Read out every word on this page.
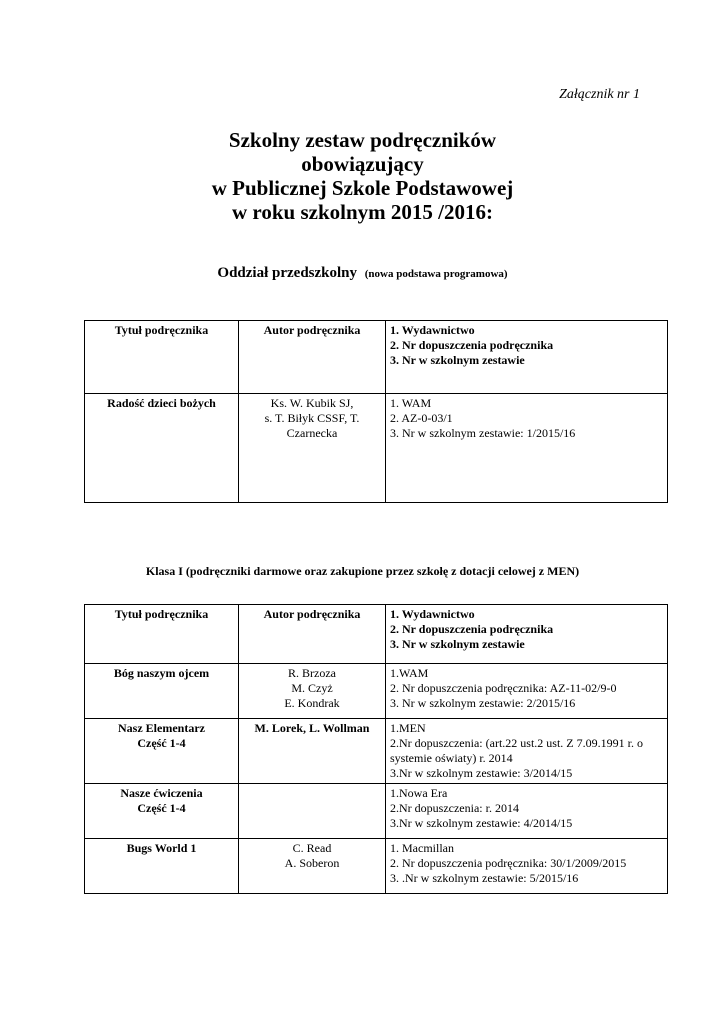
Załącznik nr 1
Szkolny zestaw podręczników
obowiązujący
w Publicznej Szkole Podstawowej
w roku szkolnym 2015 /2016:
Oddział przedszkolny (nowa podstawa programowa)
Tytuł podręcznika	Autor podręcznika	1. Wydawnictwo
2. Nr dopuszczenia podręcznika
3. Nr w szkolnym zestawie

Radość dzieci bożych	Ks. W. Kubik SJ,
s. T. Biłyk CSSF, T.
Czarnecka	1. WAM
2. AZ-0-03/1
3. Nr w szkolnym zestawie: 1/2015/16
Klasa I (podręczniki darmowe oraz zakupione przez szkołę z dotacji celowej z MEN)
Tytuł podręcznika	Autor podręcznika	1. Wydawnictwo
2. Nr dopuszczenia podręcznika
3. Nr w szkolnym zestawie

Bóg naszym ojcem	R. Brzoza
M. Czyż
E. Kondrak	1.WAM
2. Nr dopuszczenia podręcznika: AZ-11-02/9-0
3. Nr w szkolnym zestawie: 2/2015/16

Nasz Elementarz
Część 1-4	M. Lorek, L. Wollman	1.MEN
2.Nr dopuszczenia: (art.22 ust.2 ust. Z 7.09.1991 r. o
systemie oświaty) r. 2014
3.Nr w szkolnym zestawie: 3/2014/15

Nasze ćwiczenia
Część 1-4		1.Nowa Era
2.Nr dopuszczenia: r. 2014
3.Nr w szkolnym zestawie: 4/2014/15

Bugs World 1	C. Read
A. Soberon	1. Macmillan
2. Nr dopuszczenia podręcznika: 30/1/2009/2015
3. .Nr w szkolnym zestawie: 5/2015/16
